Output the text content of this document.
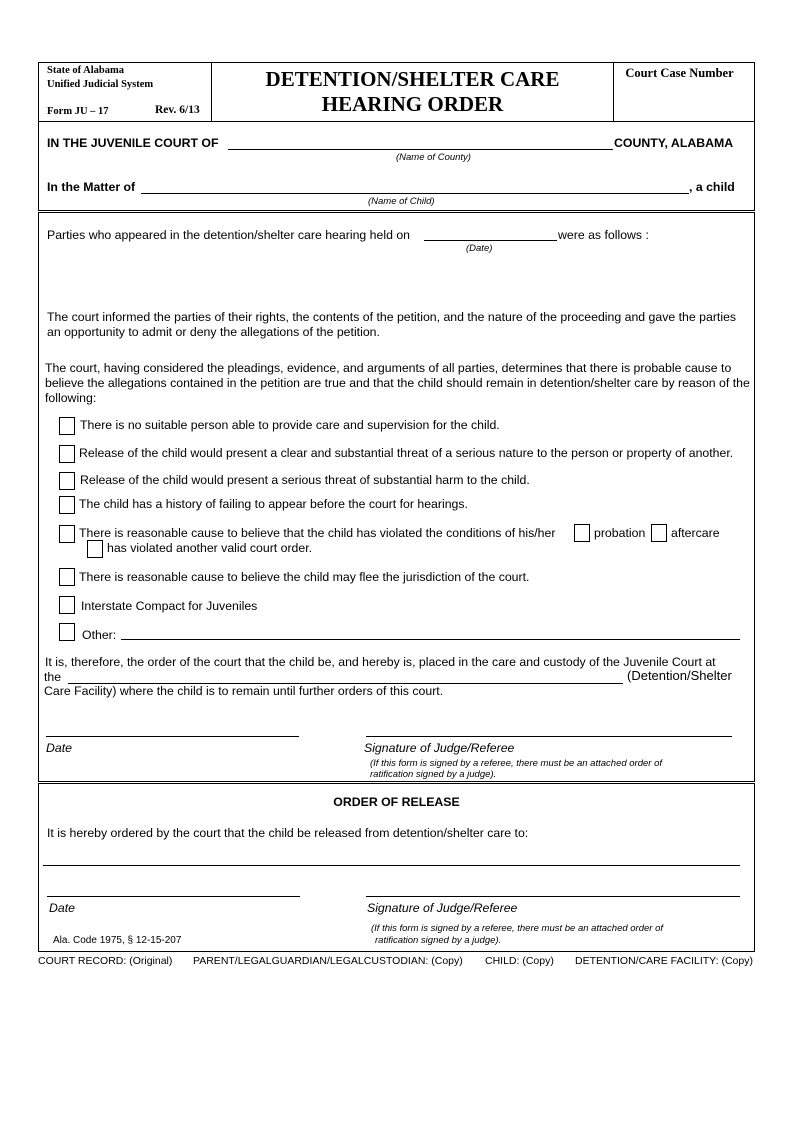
State of Alabama
Unified Judicial System
Form JU – 17	Rev. 6/13
DETENTION/SHELTER CARE
HEARING ORDER
Court Case Number
IN THE JUVENILE COURT OF	COUNTY, ALABAMA
(Name of County)
In the Matter of	, a child
(Name of Child)
Parties who appeared in the detention/shelter care hearing held on	were as follows :
(Date)
The court informed the parties of their rights, the contents of the petition, and the nature of the proceeding and gave the parties an opportunity to admit or deny the allegations of the petition.
The court, having considered the pleadings, evidence, and arguments of all parties, determines that there is probable cause to believe the allegations contained in the petition are true and that the child should remain in detention/shelter care by reason of the following:
There is no suitable person able to provide care and supervision for the child.
Release of the child would present a clear and substantial threat of a serious nature to the person or property of another.
Release of the child would present a serious threat of substantial harm to the child.
The child has a history of failing to appear before the court for hearings.
There is reasonable cause to believe that the child has violated the conditions of his/her	probation aftercare
has violated another valid court order.
There is reasonable cause to believe the child may flee the jurisdiction of the court.
Interstate Compact for Juveniles
Other:
It is, therefore, the order of the court that the child be, and hereby is, placed in the care and custody of the Juvenile Court at
the	(Detention/Shelter
Care Facility) where the child is to remain until further orders of this court.
Date	Signature of Judge/Referee
(If this form is signed by a referee, there must be an attached order of
ratification signed by a judge).
ORDER OF RELEASE
It is hereby ordered by the court that the child be released from detention/shelter care to:
Date	Signature of Judge/Referee
(If this form is signed by a referee, there must be an attached order of
ratification signed by a judge).
Ala. Code 1975, § 12-15-207
COURT RECORD: (Original) PARENT/LEGALGUARDIAN/LEGALCUSTODIAN: (Copy) CHILD: (Copy) DETENTION/CARE FACILITY: (Copy)
